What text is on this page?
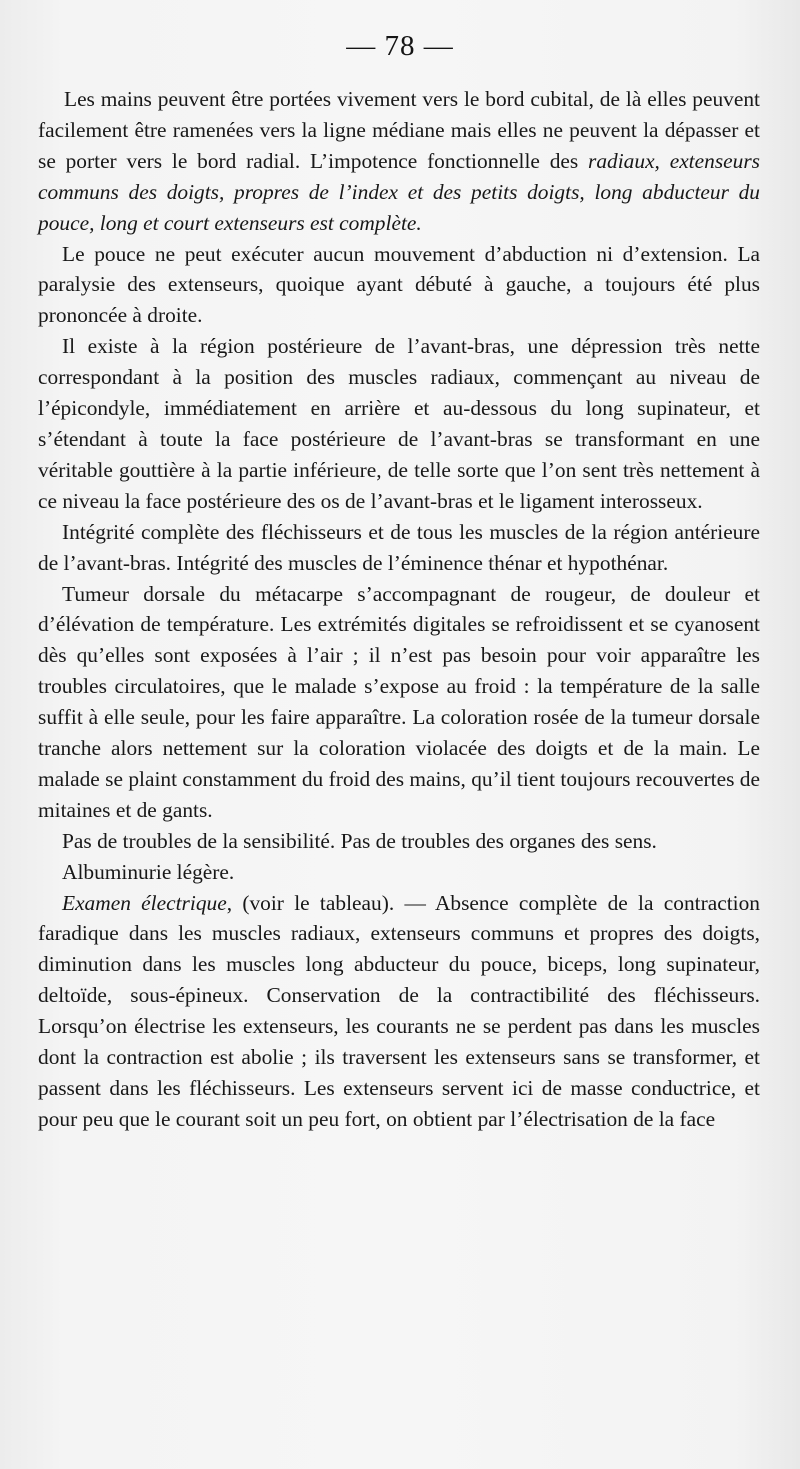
— 78 —

Les mains peuvent être portées vivement vers le bord cubital, de là elles peuvent facilement être ramenées vers la ligne médiane mais elles ne peuvent la dépasser et se porter vers le bord radial. L’impotence fonctionnelle des radiaux, extenseurs communs des doigts, propres de l’index et des petits doigts, long abducteur du pouce, long et court extenseurs est complète.

Le pouce ne peut exécuter aucun mouvement d’abduction ni d’extension. La paralysie des extenseurs, quoique ayant débuté à gauche, a toujours été plus prononcée à droite.

Il existe à la région postérieure de l’avant-bras, une dépression très nette correspondant à la position des muscles radiaux, commençant au niveau de l’épicondyle, immédiatement en arrière et au-dessous du long supinateur, et s’étendant à toute la face postérieure de l’avant-bras se transformant en une véritable gouttière à la partie inférieure, de telle sorte que l’on sent très nettement à ce niveau la face postérieure des os de l’avant-bras et le ligament interosseux.

Intégrité complète des fléchisseurs et de tous les muscles de la région antérieure de l’avant-bras. Intégrité des muscles de l’éminence thénar et hypothénar.

Tumeur dorsale du métacarpe s’accompagnant de rougeur, de douleur et d’élévation de température. Les extrémités digitales se refroidissent et se cyanosent dès qu’elles sont exposées à l’air ; il n’est pas besoin pour voir apparaître les troubles circulatoires, que le malade s’expose au froid : la température de la salle suffit à elle seule, pour les faire apparaître. La coloration rosée de la tumeur dorsale tranche alors nettement sur la coloration violacée des doigts et de la main. Le malade se plaint constamment du froid des mains, qu’il tient toujours recouvertes de mitaines et de gants.

Pas de troubles de la sensibilité. Pas de troubles des organes des sens.

Albuminurie légère.

Examen électrique, (voir le tableau). — Absence complète de la contraction faradique dans les muscles radiaux, extenseurs communs et propres des doigts, diminution dans les muscles long abducteur du pouce, biceps, long supinateur, deltoïde, sous-épineux. Conservation de la contractibilité des fléchisseurs. Lorsqu’on électrise les extenseurs, les courants ne se perdent pas dans les muscles dont la contraction est abolie ; ils traversent les extenseurs sans se transformer, et passent dans les fléchisseurs. Les extenseurs servent ici de masse conductrice, et pour peu que le courant soit un peu fort, on obtient par l’électrisation de la face
